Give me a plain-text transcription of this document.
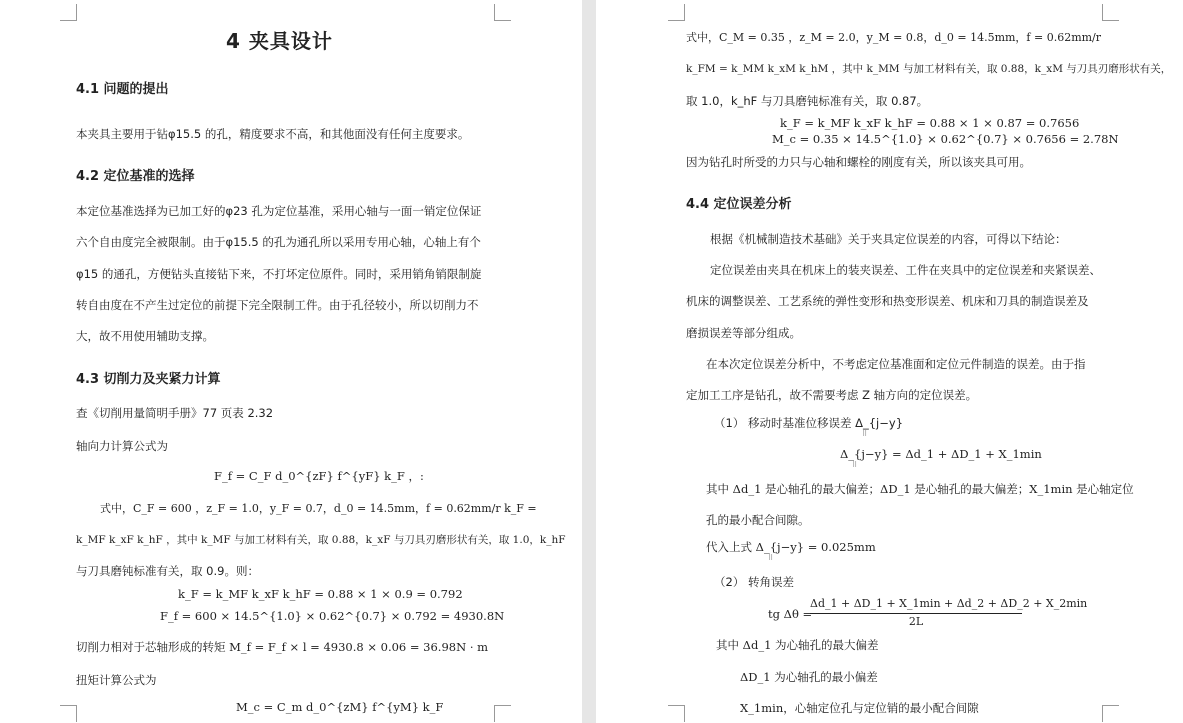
4 夹具设计
4.1 问题的提出
本夹具主要用于钻φ15.5 的孔，精度要求不高，和其他面没有任何主度要求。
4.2 定位基准的选择
本定位基准选择为已加工好的φ23 孔为定位基准，采用心轴与一面一销定位保证
六个自由度完全被限制。由于φ15.5 的孔为通孔所以采用专用心轴，心轴上有个
φ15 的通孔，方便钻头直接钻下来，不打坏定位原件。同时，采用销角销限制旋
转自由度在不产生过定位的前提下完全限制工件。由于孔径较小，所以切削力不
大，故不用使用辅助支撑。
4.3 切削力及夹紧力计算
查《切削用量简明手册》77 页表 2.32
轴向力计算公式为
F_f = C_F d_0^{zF} f^{yF} k_F ，:
式中，C_F = 600 ，z_F = 1.0，y_F = 0.7，d_0 = 14.5mm，f = 0.62mm/r k_F =
k_MF k_xF k_hF ，其中 k_MF 与加工材料有关，取 0.88，k_xF 与刀具刃磨形状有关，取 1.0，k_hF
与刀具磨钝标准有关，取 0.9。则：
k_F = k_MF k_xF k_hF = 0.88 × 1 × 0.9 = 0.792
F_f = 600 × 14.5^{1.0} × 0.62^{0.7} × 0.792 = 4930.8N
切削力相对于芯轴形成的转矩 M_f = F_f × l = 4930.8 × 0.06 = 36.98N · m
扭矩计算公式为
M_c = C_m d_0^{zM} f^{yM} k_F
式中，C_M = 0.35 ，z_M = 2.0，y_M = 0.8，d_0 = 14.5mm，f = 0.62mm/r
k_FM = k_MM k_xM k_hM ，其中 k_MM 与加工材料有关，取 0.88，k_xM 与刀具刃磨形状有关，
取 1.0，k_hF 与刀具磨钝标准有关，取 0.87。
k_F = k_MF k_xF k_hF = 0.88 × 1 × 0.87 = 0.7656
M_c = 0.35 × 14.5^{1.0} × 0.62^{0.7} × 0.7656 = 2.78N
因为钻孔时所受的力只与心轴和螺栓的刚度有关，所以该夹具可用。
4.4 定位误差分析
根据《机械制造技术基础》关于夹具定位误差的内容，可得以下结论：
定位误差由夹具在机床上的装夹误差、工件在夹具中的定位误差和夹紧误差、
机床的调整误差、工艺系统的弹性变形和热变形误差、机床和刀具的制造误差及
磨损误差等部分组成。
在本次定位误差分析中，不考虑定位基准面和定位元件制造的误差。由于指
定加工工序是钻孔，故不需要考虑 Z 轴方向的定位误差。
（1） 移动时基准位移误差 Δ_{j−y}
⠿
Δ_{j−y} = Δd_1 + ΔD_1 + X_1min
⠿
其中 Δd_1 是心轴孔的最大偏差；ΔD_1 是心轴孔的最大偏差；X_1min 是心轴定位
孔的最小配合间隙。
代入上式 Δ_{j−y} = 0.025mm
⠿
（2） 转角误差
tg Δθ =
Δd_1 + ΔD_1 + X_1min + Δd_2 + ΔD_2 + X_2min
2L
其中 Δd_1 为心轴孔的最大偏差
ΔD_1 为心轴孔的最小偏差
X_1min，心轴定位孔与定位销的最小配合间隙
